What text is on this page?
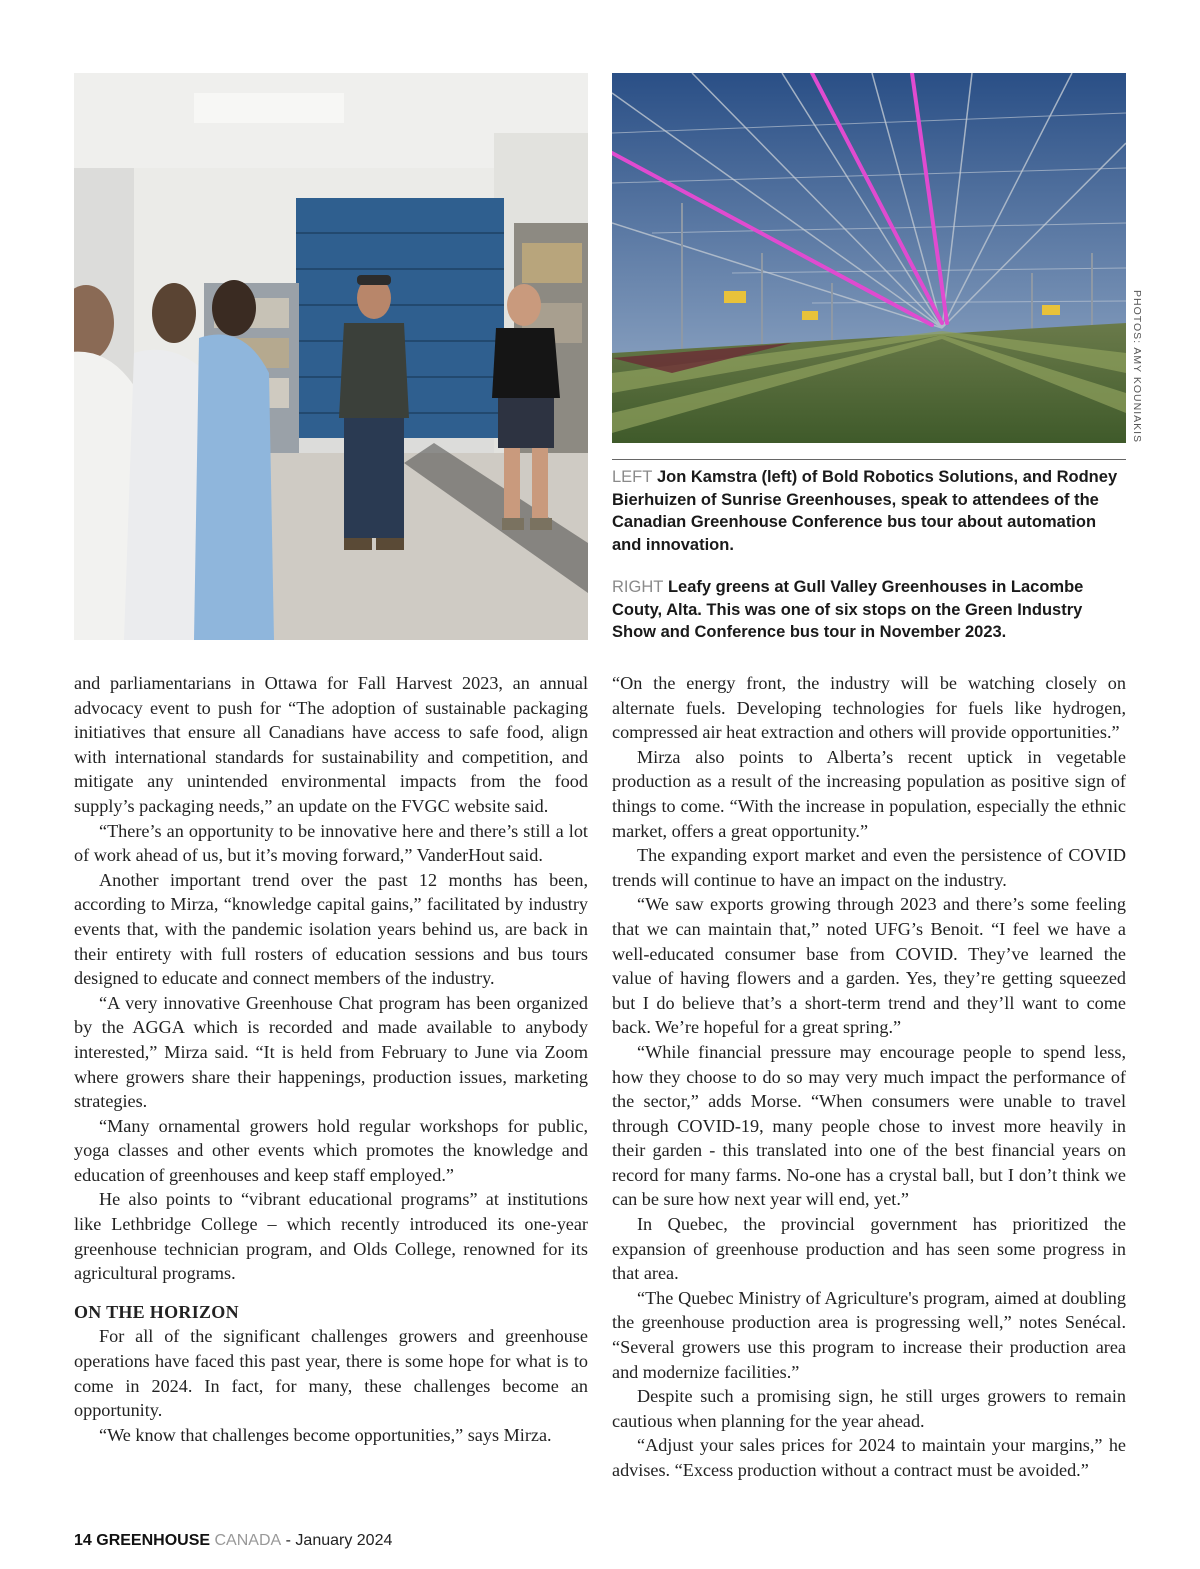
PHOTOS: AMY KOUNIAKIS

LEFT Jon Kamstra (left) of Bold Robotics Solutions, and Rodney Bierhuizen of Sunrise Greenhouses, speak to attendees of the Canadian Greenhouse Conference bus tour about automation and innovation.

RIGHT Leafy greens at Gull Valley Greenhouses in Lacombe Couty, Alta. This was one of six stops on the Green Industry Show and Conference bus tour in November 2023.

and parliamentarians in Ottawa for Fall Harvest 2023, an annual advocacy event to push for “The adoption of sustainable packaging initiatives that ensure all Canadians have access to safe food, align with international standards for sustainability and competition, and mitigate any unintended environmental impacts from the food supply’s packaging needs,” an update on the FVGC website said.

“There’s an opportunity to be innovative here and there’s still a lot of work ahead of us, but it’s moving forward,” VanderHout said.

Another important trend over the past 12 months has been, according to Mirza, “knowledge capital gains,” facilitated by industry events that, with the pandemic isolation years behind us, are back in their entirety with full rosters of education sessions and bus tours designed to educate and connect members of the industry.

“A very innovative Greenhouse Chat program has been organized by the AGGA which is recorded and made available to anybody interested,” Mirza said. “It is held from February to June via Zoom where growers share their happenings, production issues, marketing strategies.

“Many ornamental growers hold regular workshops for public, yoga classes and other events which promotes the knowledge and education of greenhouses and keep staff employed.”

He also points to “vibrant educational programs” at institutions like Lethbridge College – which recently introduced its one-year greenhouse technician program, and Olds College, renowned for its agricultural programs.

ON THE HORIZON

For all of the significant challenges growers and greenhouse operations have faced this past year, there is some hope for what is to come in 2024. In fact, for many, these challenges become an opportunity.

“We know that challenges become opportunities,” says Mirza.

“On the energy front, the industry will be watching closely on alternate fuels. Developing technologies for fuels like hydrogen, compressed air heat extraction and others will provide opportunities.”

Mirza also points to Alberta’s recent uptick in vegetable production as a result of the increasing population as positive sign of things to come. “With the increase in population, especially the ethnic market, offers a great opportunity.”

The expanding export market and even the persistence of COVID trends will continue to have an impact on the industry.

“We saw exports growing through 2023 and there’s some feeling that we can maintain that,” noted UFG’s Benoit. “I feel we have a well-educated consumer base from COVID. They’ve learned the value of having flowers and a garden. Yes, they’re getting squeezed but I do believe that’s a short-term trend and they’ll want to come back. We’re hopeful for a great spring.”

“While financial pressure may encourage people to spend less, how they choose to do so may very much impact the performance of the sector,” adds Morse. “When consumers were unable to travel through COVID-19, many people chose to invest more heavily in their garden - this translated into one of the best financial years on record for many farms. No-one has a crystal ball, but I don’t think we can be sure how next year will end, yet.”

In Quebec, the provincial government has prioritized the expansion of greenhouse production and has seen some progress in that area.

“The Quebec Ministry of Agriculture's program, aimed at doubling the greenhouse production area is progressing well,” notes Senécal. “Several growers use this program to increase their production area and modernize facilities.”

Despite such a promising sign, he still urges growers to remain cautious when planning for the year ahead.

“Adjust your sales prices for 2024 to maintain your margins,” he advises. “Excess production without a contract must be avoided.”

14 GREENHOUSE CANADA - January 2024
